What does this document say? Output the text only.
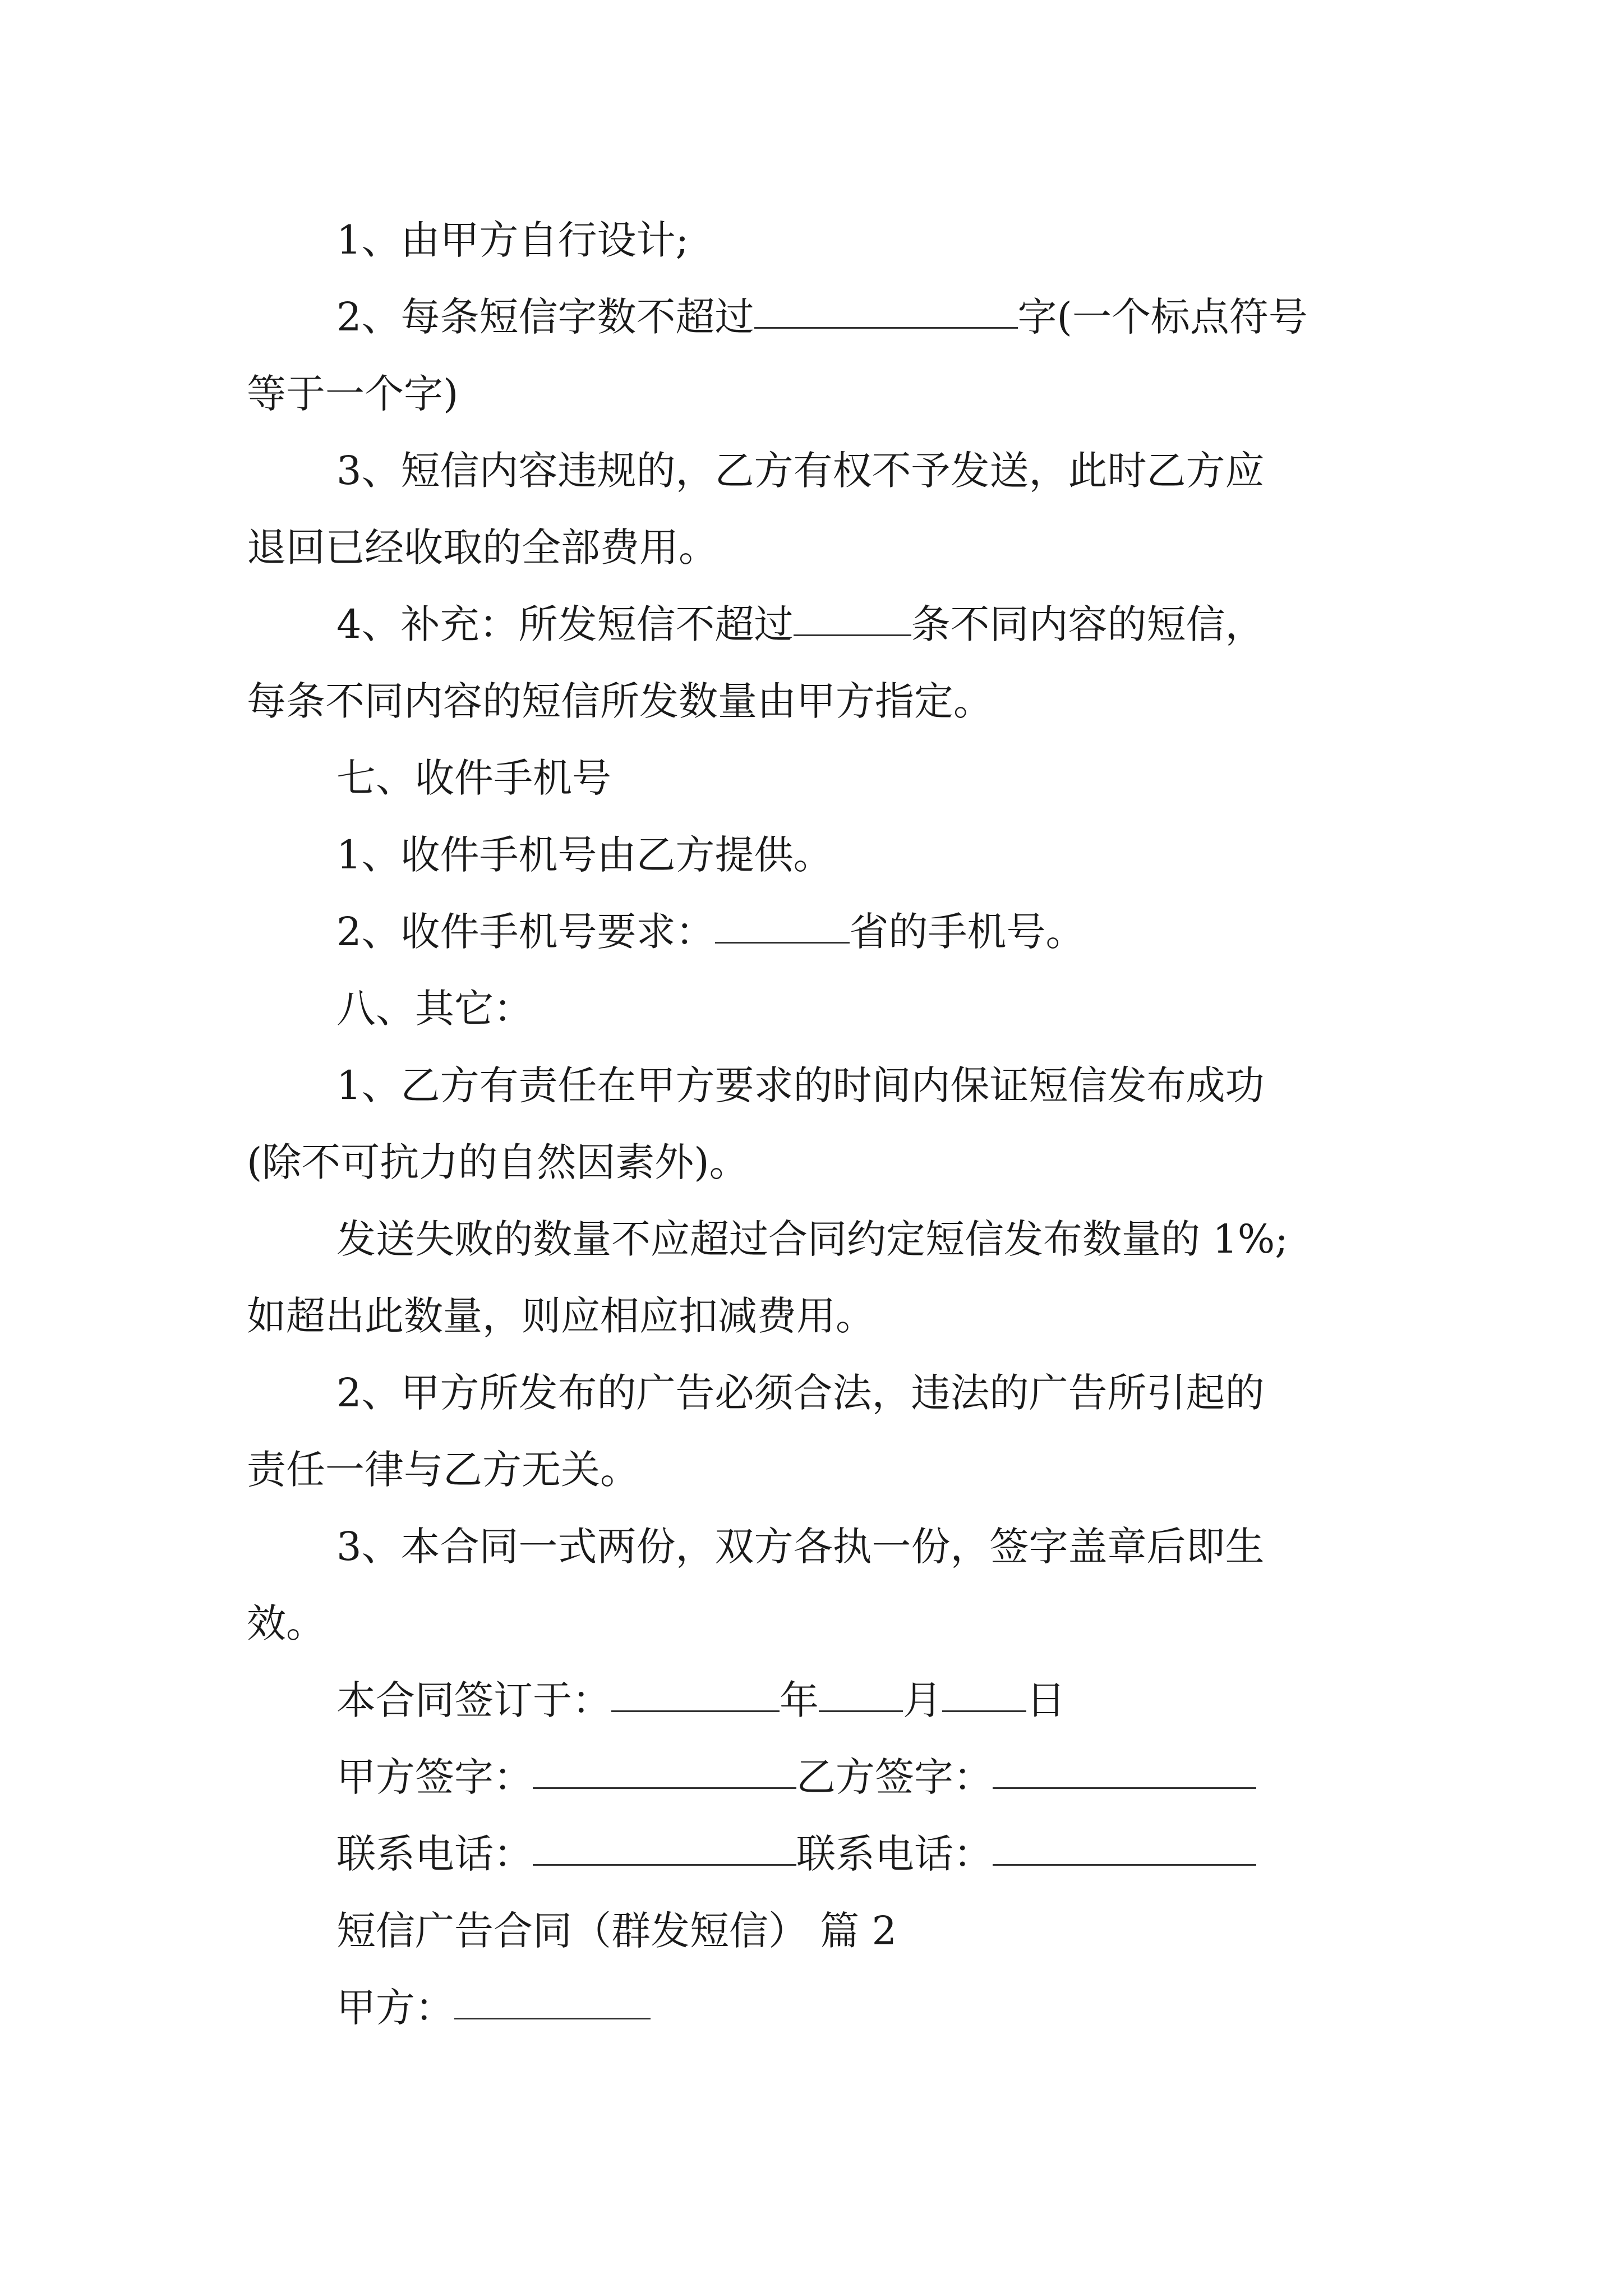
1、由甲方自行设计;

2、每条短信字数不超过	字(一个标点符号

等于一个字)

3、短信内容违规的，乙方有权不予发送，此时乙方应

退回已经收取的全部费用。

4、补充：所发短信不超过	条不同内容的短信，

每条不同内容的短信所发数量由甲方指定。

七、收件手机号

1、收件手机号由乙方提供。

2、收件手机号要求：	省的手机号。

八、其它：

1、乙方有责任在甲方要求的时间内保证短信发布成功

(除不可抗力的自然因素外)。

发送失败的数量不应超过合同约定短信发布数量的 1%;

如超出此数量，则应相应扣减费用。

2、甲方所发布的广告必须合法，违法的广告所引起的

责任一律与乙方无关。

3、本合同一式两份，双方各执一份，签字盖章后即生

效。

本合同签订于：	年 月 日

甲方签字：	乙方签字：

联系电话：	联系电话：

短信广告合同（群发短信） 篇 2

甲方：
